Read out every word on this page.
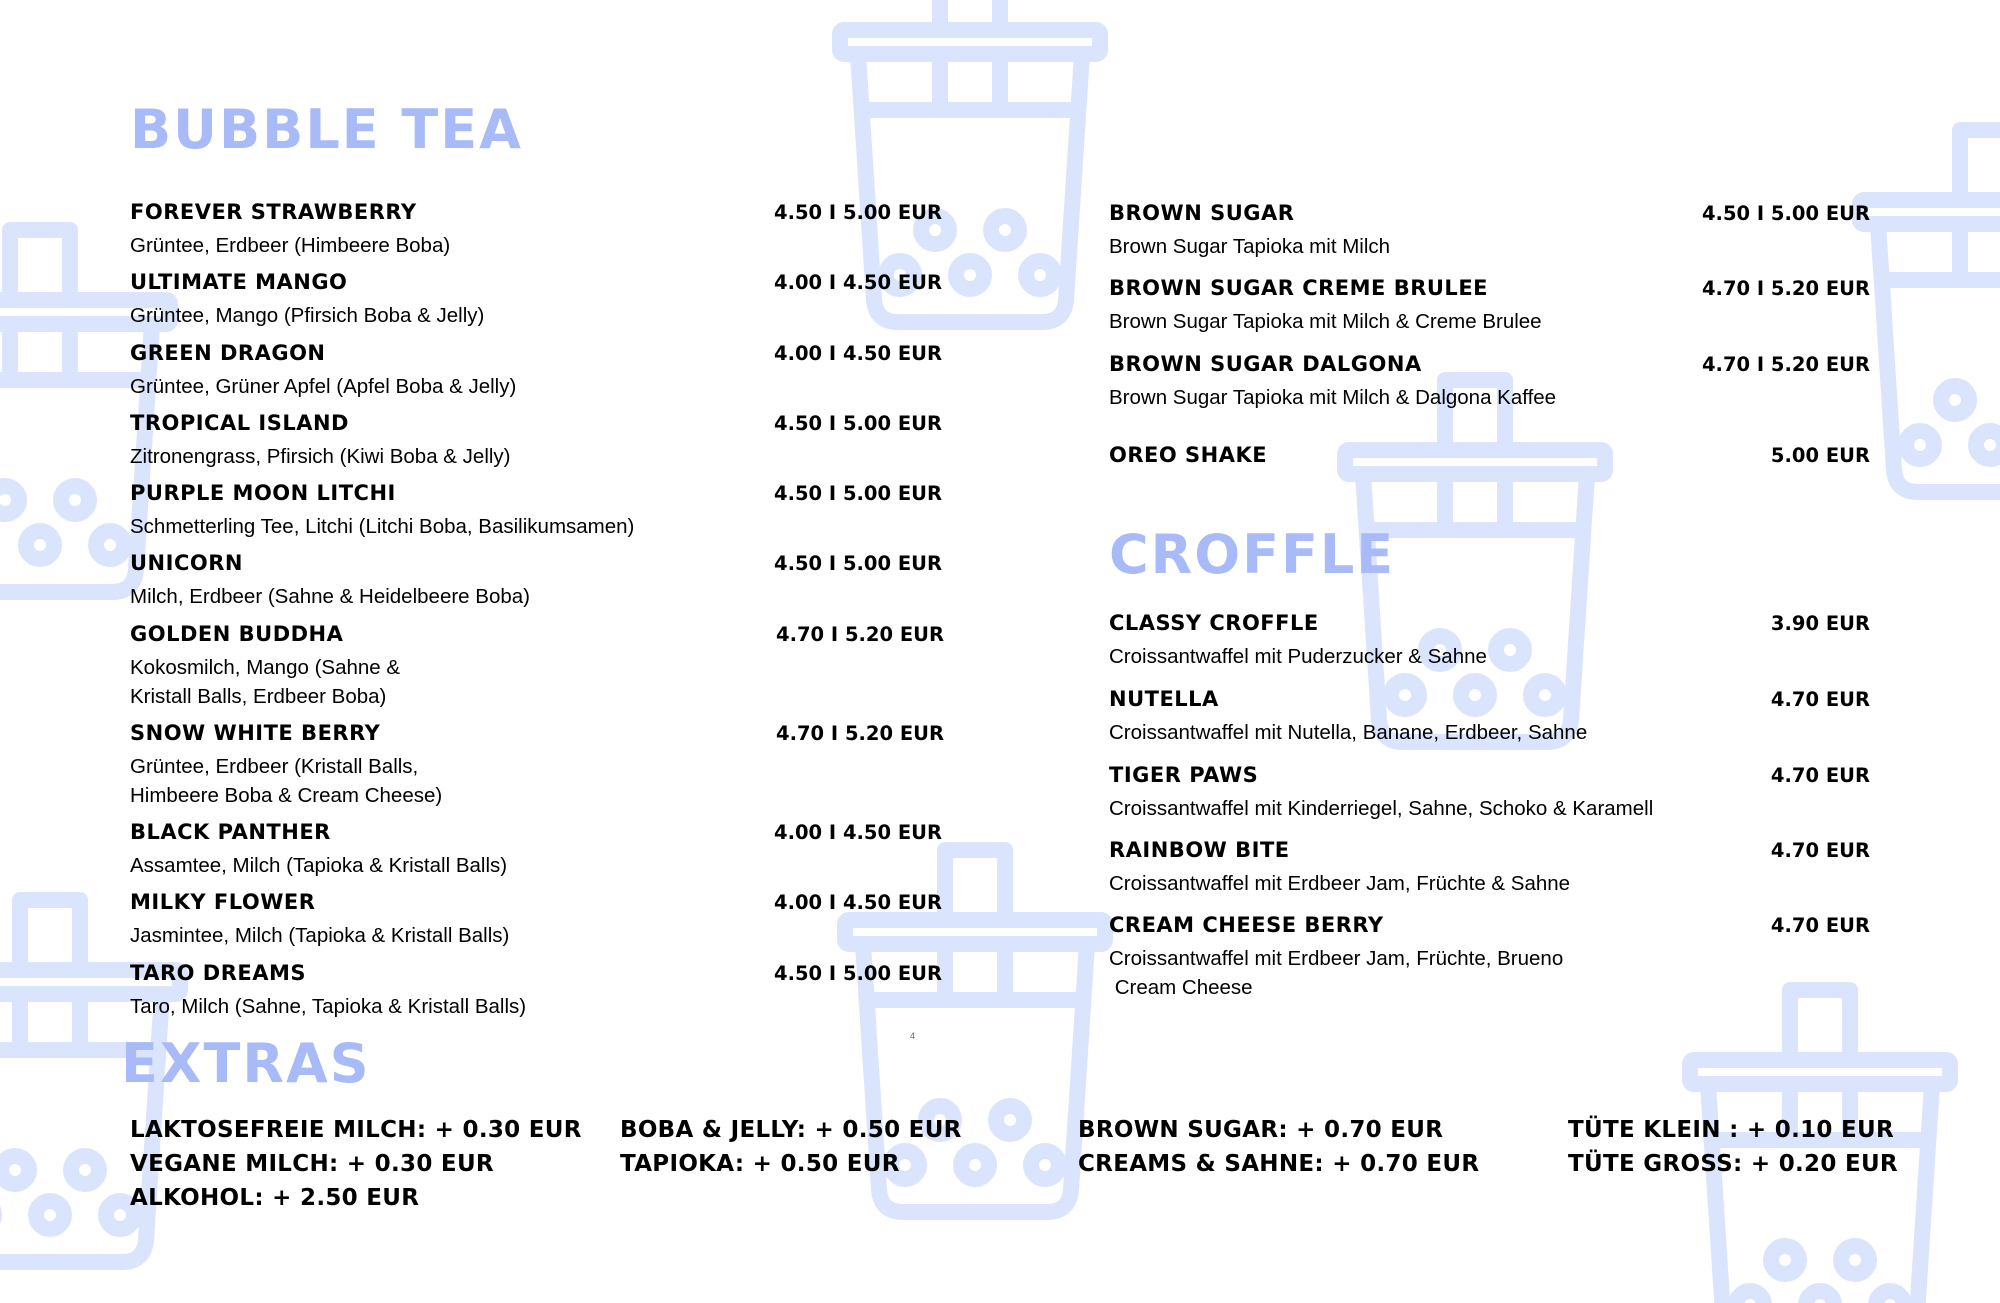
BUBBLE TEA
FOREVER STRAWBERRY
Grüntee, Erdbeer (Himbeere Boba)
4.50 I 5.00 EUR
ULTIMATE MANGO
Grüntee, Mango (Pfirsich Boba & Jelly)
4.00 I 4.50 EUR
GREEN DRAGON
Grüntee, Grüner Apfel (Apfel Boba & Jelly)
4.00 I 4.50 EUR
TROPICAL ISLAND
Zitronengrass, Pfirsich (Kiwi Boba & Jelly)
4.50 I 5.00 EUR
PURPLE MOON LITCHI
Schmetterling Tee, Litchi (Litchi Boba, Basilikumsamen)
4.50 I 5.00 EUR
UNICORN
Milch, Erdbeer (Sahne & Heidelbeere Boba)
4.50 I 5.00 EUR
GOLDEN BUDDHA
Kokosmilch, Mango (Sahne &
Kristall Balls, Erdbeer Boba)
4.70 I 5.20 EUR
SNOW WHITE BERRY
Grüntee, Erdbeer (Kristall Balls,
Himbeere Boba & Cream Cheese)
4.70 I 5.20 EUR
BLACK PANTHER
Assamtee, Milch (Tapioka & Kristall Balls)
4.00 I 4.50 EUR
MILKY FLOWER
Jasmintee, Milch (Tapioka & Kristall Balls)
4.00 I 4.50 EUR
TARO DREAMS
Taro, Milch (Sahne, Tapioka & Kristall Balls)
4.50 I 5.00 EUR
BROWN SUGAR
Brown Sugar Tapioka mit Milch
4.50 I 5.00 EUR
BROWN SUGAR CREME BRULEE
Brown Sugar Tapioka mit Milch & Creme Brulee
4.70 I 5.20 EUR
BROWN SUGAR DALGONA
Brown Sugar Tapioka mit Milch & Dalgona Kaffee
4.70 I 5.20 EUR
OREO SHAKE	5.00 EUR
CROFFLE
CLASSY CROFFLE
Croissantwaffel mit Puderzucker & Sahne
3.90 EUR
NUTELLA
Croissantwaffel mit Nutella, Banane, Erdbeer, Sahne
4.70 EUR
TIGER PAWS
Croissantwaffel mit Kinderriegel, Sahne, Schoko & Karamell
4.70 EUR
RAINBOW BITE
Croissantwaffel mit Erdbeer Jam, Früchte & Sahne
4.70 EUR
CREAM CHEESE BERRY
Croissantwaffel mit Erdbeer Jam, Früchte, Brueno
Cream Cheese
4.70 EUR
4
EXTRAS
LAKTOSEFREIE MILCH: + 0.30 EUR
VEGANE MILCH: + 0.30 EUR
ALKOHOL: + 2.50 EUR
BOBA & JELLY: + 0.50 EUR
TAPIOKA: + 0.50 EUR
BROWN SUGAR: + 0.70 EUR
CREAMS & SAHNE: + 0.70 EUR
TÜTE KLEIN : + 0.10 EUR
TÜTE GROSS: + 0.20 EUR
